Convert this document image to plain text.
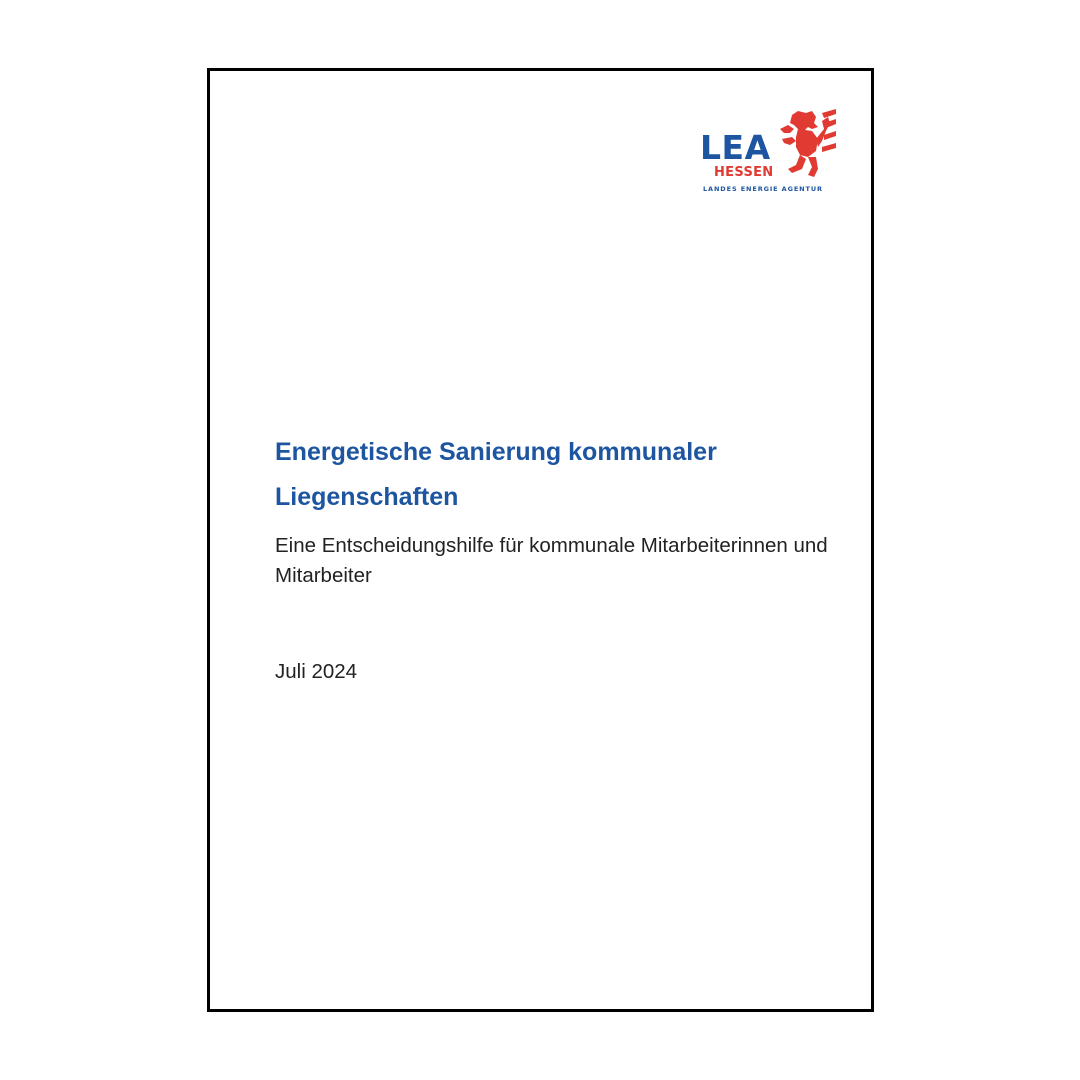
LEA
HESSEN
LANDES ENERGIE AGENTUR
Energetische Sanierung kommunaler Liegenschaften

Eine Entscheidungshilfe für kommunale Mitarbeiterinnen und Mitarbeiter

Juli 2024
